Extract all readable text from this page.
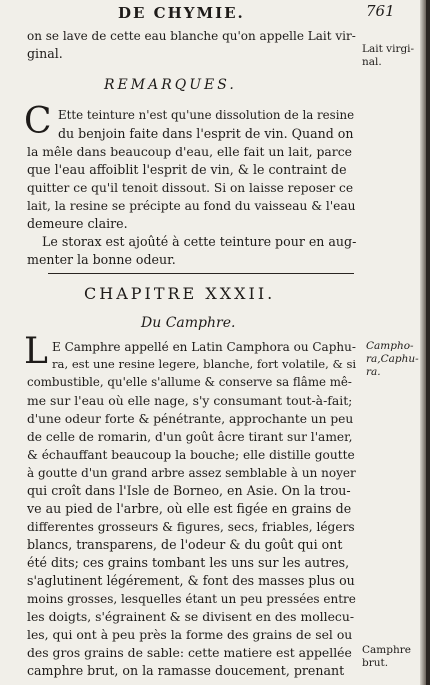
DE CHYMIE.	761
on se lave de cette eau blanche qu'on appelle Lait vir-
ginal.	Lait virgi-
nal.
REMARQUES.
C Ette teinture n'est qu'une dissolution de la resine
du benjoin faite dans l'esprit de vin. Quand on
la mêle dans beaucoup d'eau, elle fait un lait, parce
que l'eau affoiblit l'esprit de vin, & le contraint de
quitter ce qu'il tenoit dissout. Si on laisse reposer ce
lait, la resine se précipte au fond du vaisseau & l'eau
demeure claire.
Le storax est ajoûté à cette teinture pour en aug-
menter la bonne odeur.
CHAPITRE XXXII.
Du Camphre.
L E Camphre appellé en Latin Camphora ou Caphu-
ra, est une resine legere, blanche, fort volatile, & si
combustible, qu'elle s'allume & conserve sa flâme mê-
me sur l'eau où elle nage, s'y consumant tout-à-fait;
d'une odeur forte & pénétrante, approchante un peu
de celle de romarin, d'un goût âcre tirant sur l'amer,
& échauffant beaucoup la bouche; elle distille goutte
à goutte d'un grand arbre assez semblable à un noyer
qui croît dans l'Isle de Borneo, en Asie. On la trou-
ve au pied de l'arbre, où elle est figée en grains de
differentes grosseurs & figures, secs, friables, légers
blancs, transparens, de l'odeur & du goût qui ont
été dits; ces grains tombant les uns sur les autres,
s'aglutinent légérement, & font des masses plus ou
moins grosses, lesquelles étant un peu pressées entre
les doigts, s'égrainent & se divisent en des mollecu-
les, qui ont à peu près la forme des grains de sel ou
des gros grains de sable: cette matiere est appellée
camphre brut, on la ramasse doucement, prenant
Campho-
ra,Caphu-
ra.
Camphre
brut.
